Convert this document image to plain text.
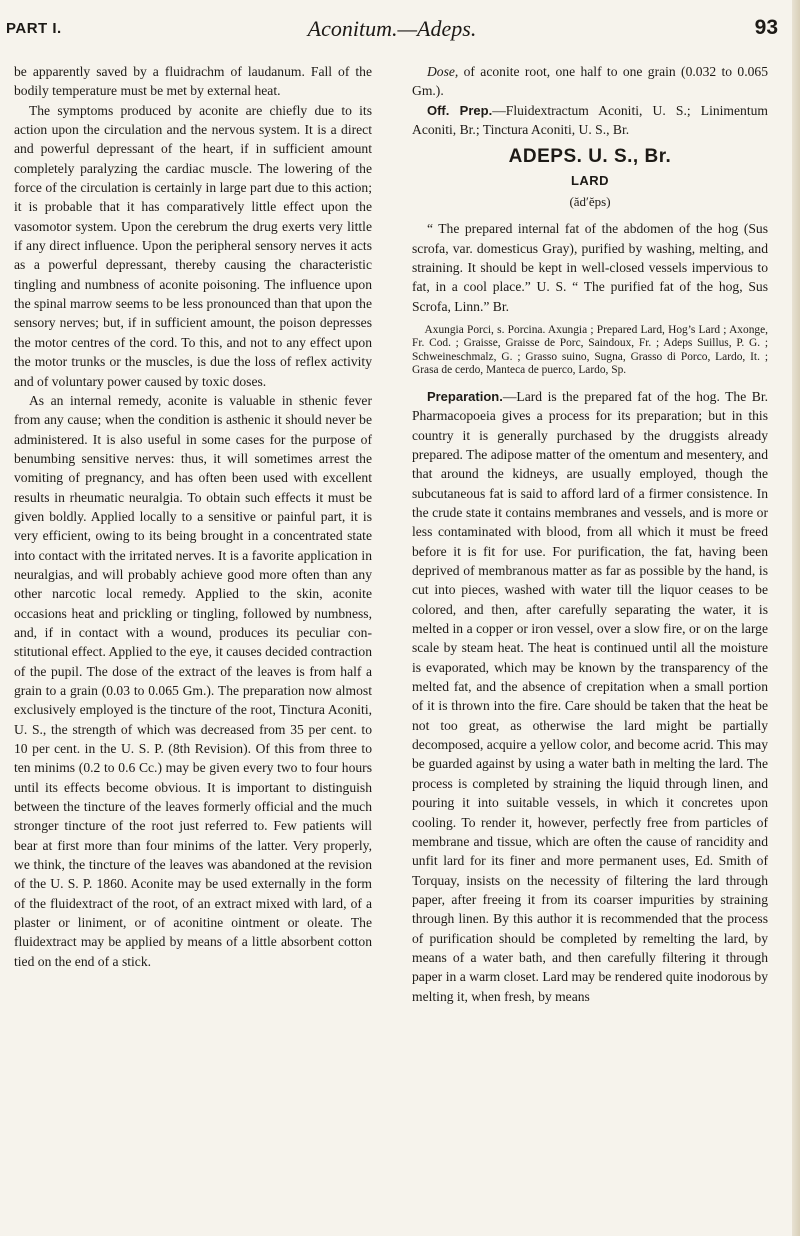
PART I.	Aconitum.—Adeps.	93

be apparently saved by a fluidrachm of laudanum. Fall of the bodily temperature must be met by external heat.

The symptoms produced by aconite are chiefly due to its action upon the circulation and the nervous system. It is a direct and powerful depressant of the heart, if in sufficient amount completely paralyzing the cardiac muscle. The lowering of the force of the circulation is certainly in large part due to this action; it is probable that it has comparatively little effect upon the vasomotor system. Upon the cerebrum the drug exerts very little if any direct influence. Upon the peripheral sensory nerves it acts as a powerful depressant, thereby causing the characteristic tingling and numbness of aconite poisoning. The influence upon the spinal marrow seems to be less pronounced than that upon the sensory nerves; but, if in sufficient amount, the poison depresses the motor centres of the cord. To this, and not to any effect upon the motor trunks or the muscles, is due the loss of reflex activity and of voluntary power caused by toxic doses.

As an internal remedy, aconite is valuable in sthenic fever from any cause; when the condition is asthenic it should never be administered. It is also useful in some cases for the purpose of benumbing sensitive nerves: thus, it will sometimes arrest the vomiting of pregnancy, and has often been used with excellent results in rheumatic neuralgia. To obtain such effects it must be given boldly. Applied locally to a sensitive or painful part, it is very efficient, owing to its being brought in a concentrated state into contact with the irritated nerves. It is a favorite application in neuralgias, and will probably achieve good more often than any other narcotic local remedy. Applied to the skin, aconite occasions heat and prickling or tingling, followed by numbness, and, if in contact with a wound, produces its peculiar constitutional effect. Applied to the eye, it causes decided contraction of the pupil. The dose of the extract of the leaves is from half a grain to a grain (0.03 to 0.065 Gm.). The preparation now almost exclusively employed is the tincture of the root, Tinctura Aconiti, U. S., the strength of which was decreased from 35 per cent. to 10 per cent. in the U. S. P. (8th Revision). Of this from three to ten minims (0.2 to 0.6 Cc.) may be given every two to four hours until its effects become obvious. It is important to distinguish between the tincture of the leaves formerly official and the much stronger tincture of the root just referred to. Few patients will bear at first more than four minims of the latter. Very properly, we think, the tincture of the leaves was abandoned at the revision of the U. S. P. 1860. Aconite may be used externally in the form of the fluidextract of the root, of an extract mixed with lard, of a plaster or liniment, or of aconitine ointment or oleate. The fluidextract may be applied by means of a little absorbent cotton tied on the end of a stick.

Dose, of aconite root, one half to one grain (0.032 to 0.065 Gm.).

Off. Prep.—Fluidextractum Aconiti, U. S.; Linimentum Aconiti, Br.; Tinctura Aconiti, U. S., Br.

ADEPS. U. S., Br.
LARD
(ăd′ĕps)

“ The prepared internal fat of the abdomen of the hog (Sus scrofa, var. domesticus Gray), purified by washing, melting, and straining. It should be kept in well-closed vessels impervious to fat, in a cool place.” U. S. “ The purified fat of the hog, Sus Scrofa, Linn.” Br.

Axungia Porci, s. Porcina. Axungia ; Prepared Lard, Hog’s Lard ; Axonge, Fr. Cod. ; Graisse, Graisse de Porc, Saindoux, Fr. ; Adeps Suillus, P. G. ; Schweineschmalz, G. ; Grasso suino, Sugna, Grasso di Porco, Lardo, It. ; Grasa de cerdo, Manteca de puerco, Lardo, Sp.

Preparation.—Lard is the prepared fat of the hog. The Br. Pharmacopoeia gives a process for its preparation; but in this country it is generally purchased by the druggists already prepared. The adipose matter of the omentum and mesentery, and that around the kidneys, are usually employed, though the subcutaneous fat is said to afford lard of a firmer consistence. In the crude state it contains membranes and vessels, and is more or less contaminated with blood, from all which it must be freed before it is fit for use. For purification, the fat, having been deprived of membranous matter as far as possible by the hand, is cut into pieces, washed with water till the liquor ceases to be colored, and then, after carefully separating the water, it is melted in a copper or iron vessel, over a slow fire, or on the large scale by steam heat. The heat is continued until all the moisture is evaporated, which may be known by the transparency of the melted fat, and the absence of crepitation when a small portion of it is thrown into the fire. Care should be taken that the heat be not too great, as otherwise the lard might be partially decomposed, acquire a yellow color, and become acrid. This may be guarded against by using a water bath in melting the lard. The process is completed by straining the liquid through linen, and pouring it into suitable vessels, in which it concretes upon cooling. To render it, however, perfectly free from particles of membrane and tissue, which are often the cause of rancidity and unfit lard for its finer and more permanent uses, Ed. Smith of Torquay, insists on the necessity of filtering the lard through paper, after freeing it from its coarser impurities by straining through linen. By this author it is recommended that the process of purification should be completed by remelting the lard, by means of a water bath, and then carefully filtering it through paper in a warm closet. Lard may be rendered quite inodorous by melting it, when fresh, by means
